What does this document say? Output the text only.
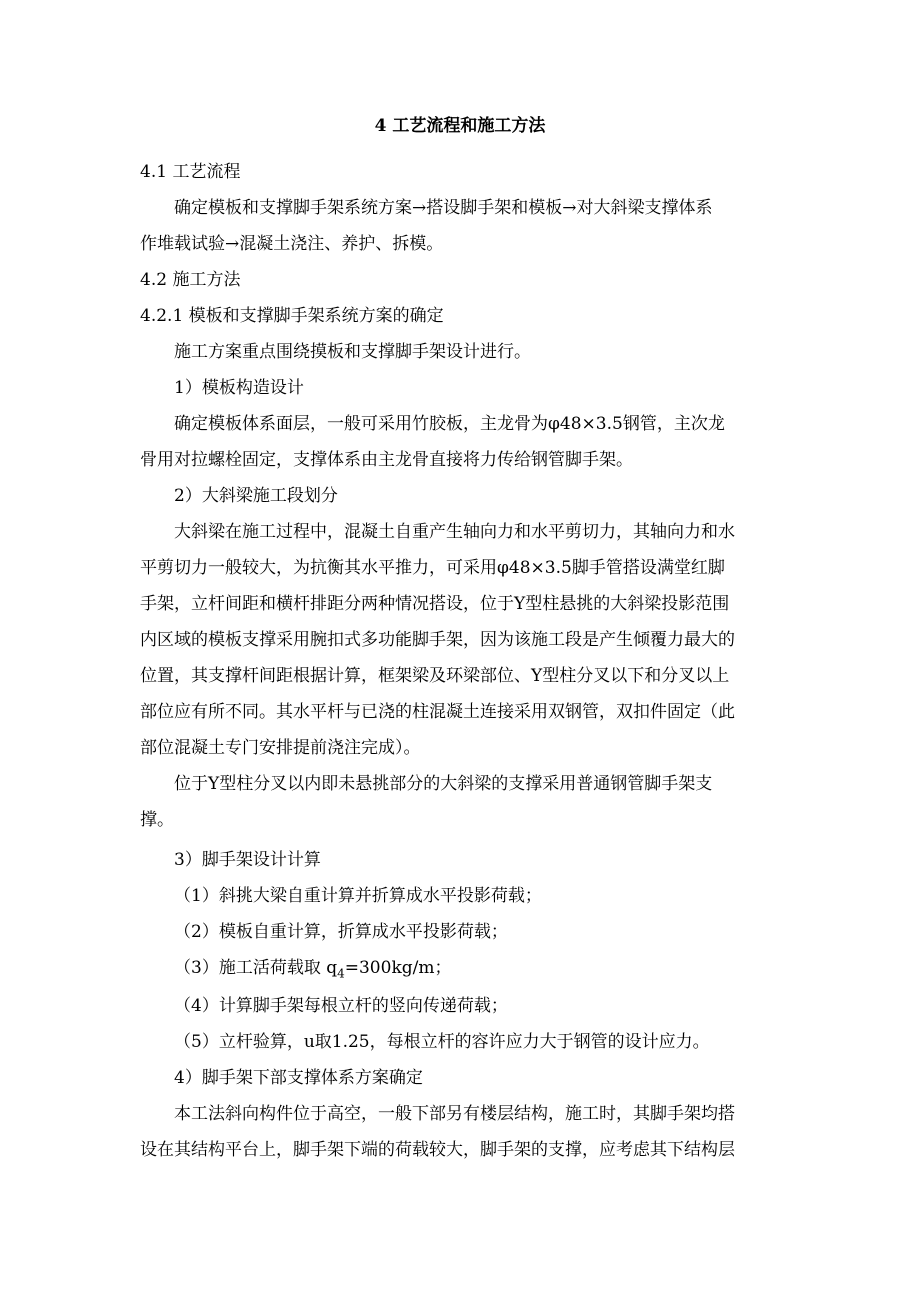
4 工艺流程和施工方法

4.1 工艺流程

确定模板和支撑脚手架系统方案→搭设脚手架和模板→对大斜梁支撑体系

作堆载试验→混凝土浇注、养护、拆模。

4.2 施工方法

4.2.1 模板和支撑脚手架系统方案的确定

施工方案重点围绕摸板和支撑脚手架设计进行。

1）模板构造设计

确定模板体系面层，一般可采用竹胶板，主龙骨为φ48×3.5钢管，主次龙

骨用对拉螺栓固定，支撑体系由主龙骨直接将力传给钢管脚手架。

2）大斜梁施工段划分

大斜梁在施工过程中，混凝土自重产生轴向力和水平剪切力，其轴向力和水

平剪切力一般较大，为抗衡其水平推力，可采用φ48×3.5脚手管搭设满堂红脚

手架，立杆间距和横杆排距分两种情况搭设，位于Y型柱悬挑的大斜梁投影范围

内区域的模板支撑采用腕扣式多功能脚手架，因为该施工段是产生倾覆力最大的

位置，其支撑杆间距根据计算，框架梁及环梁部位、Y型柱分叉以下和分叉以上

部位应有所不同。其水平杆与已浇的柱混凝土连接采用双钢管，双扣件固定（此

部位混凝土专门安排提前浇注完成）。

位于Y型柱分叉以内即未悬挑部分的大斜梁的支撑采用普通钢管脚手架支

撑。

3）脚手架设计计算

（1）斜挑大梁自重计算并折算成水平投影荷载；

（2）模板自重计算，折算成水平投影荷载；

（3）施工活荷载取 $q_4=300kg/m$；

（4）计算脚手架每根立杆的竖向传递荷载；

（5）立杆验算，u取1.25，每根立杆的容许应力大于钢管的设计应力。

4）脚手架下部支撑体系方案确定

本工法斜向构件位于高空，一般下部另有楼层结构，施工时，其脚手架均搭

设在其结构平台上，脚手架下端的荷载较大，脚手架的支撑，应考虑其下结构层
